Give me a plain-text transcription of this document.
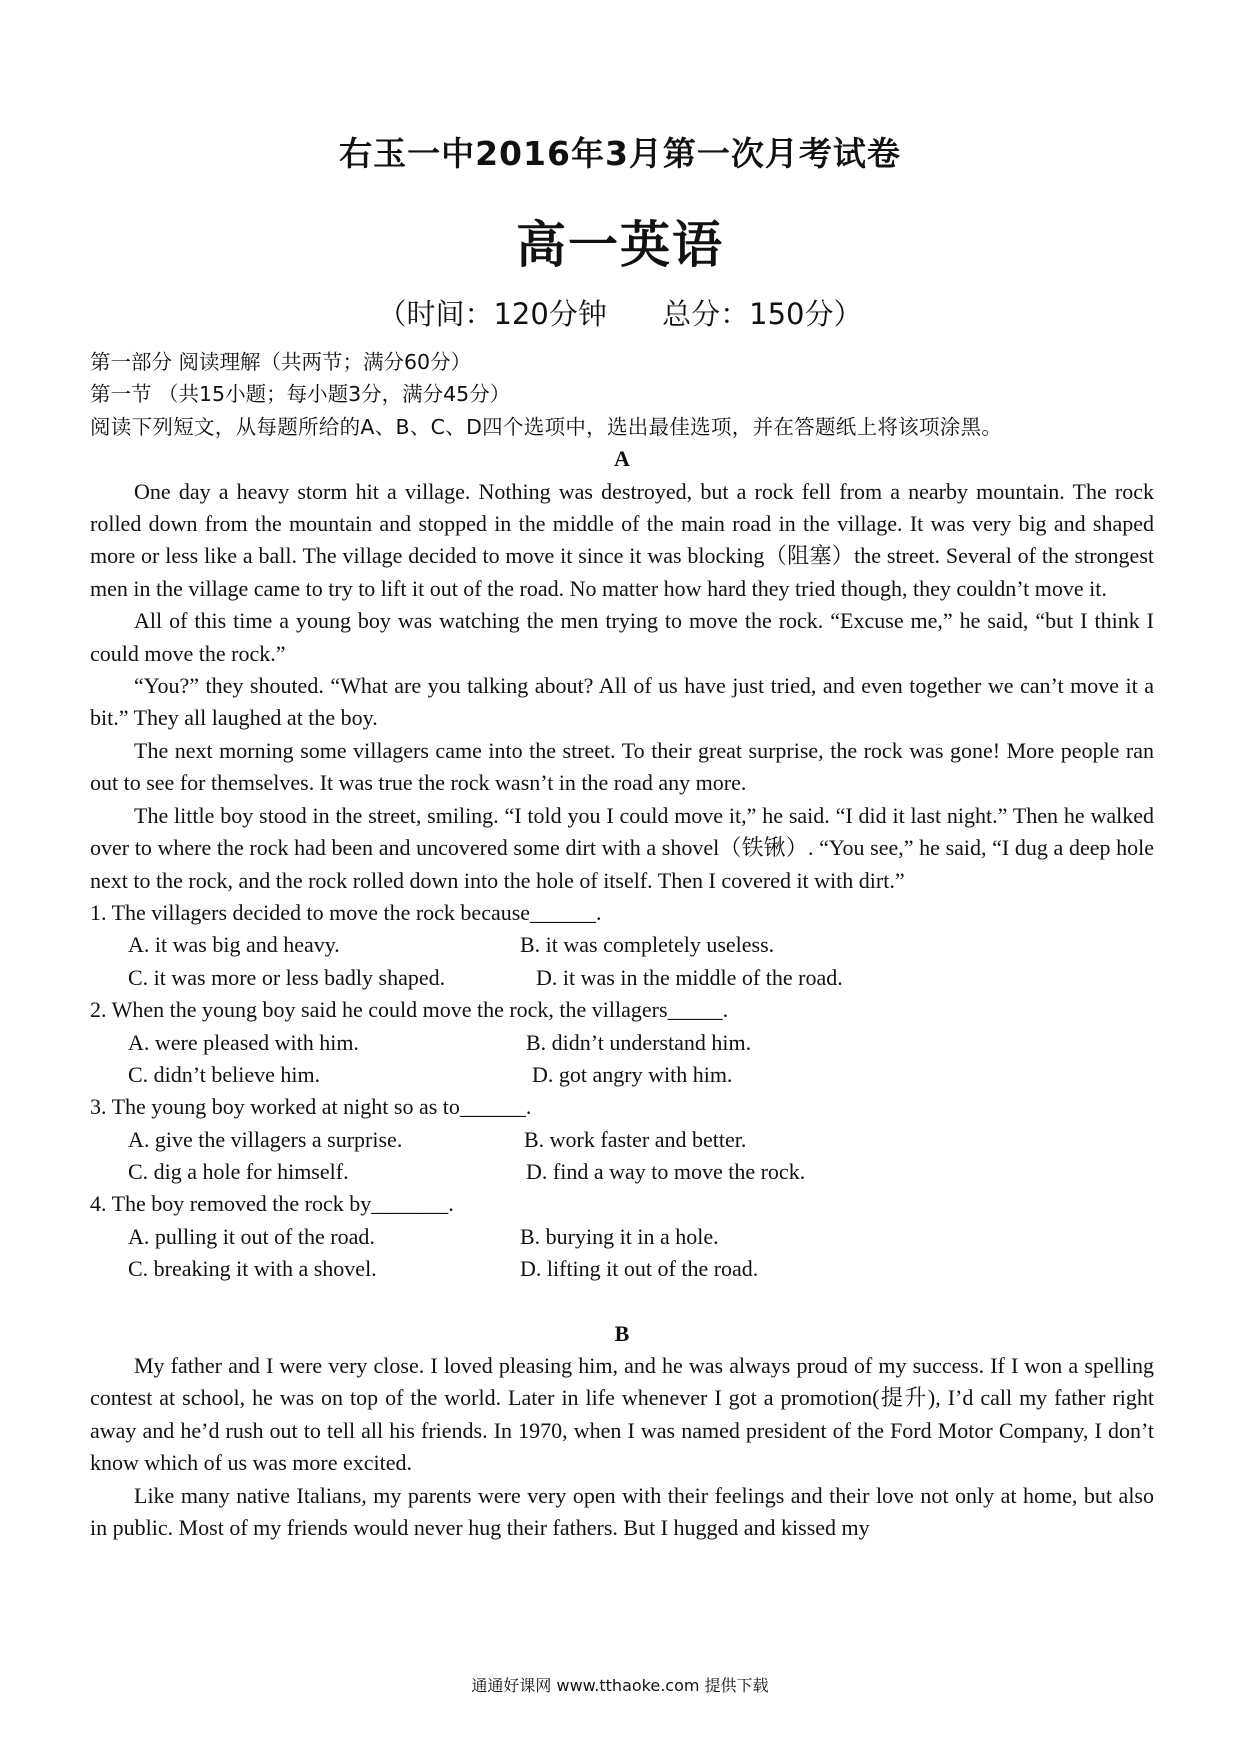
右玉一中2016年3月第一次月考试卷
高一英语
（时间：120分钟      总分：150分）
第一部分 阅读理解（共两节；满分60分）
第一节 （共15小题；每小题3分，满分45分）
阅读下列短文，从每题所给的A、B、C、D四个选项中，选出最佳选项，并在答题纸上将该项涂黑。
A

One day a heavy storm hit a village. Nothing was destroyed, but a rock fell from a nearby mountain. The rock rolled down from the mountain and stopped in the middle of the main road in the village. It was very big and shaped more or less like a ball. The village decided to move it since it was blocking（阻塞）the street. Several of the strongest men in the village came to try to lift it out of the road. No matter how hard they tried though, they couldn’t move it.

All of this time a young boy was watching the men trying to move the rock. “Excuse me,” he said, “but I think I could move the rock.”

“You?” they shouted. “What are you talking about? All of us have just tried, and even together we can’t move it a bit.” They all laughed at the boy.

The next morning some villagers came into the street. To their great surprise, the rock was gone! More people ran out to see for themselves. It was true the rock wasn’t in the road any more.

The little boy stood in the street, smiling. “I told you I could move it,” he said. “I did it last night.” Then he walked over to where the rock had been and uncovered some dirt with a shovel（铁锹）. “You see,” he said, “I dug a deep hole next to the rock, and the rock rolled down into the hole of itself. Then I covered it with dirt.”

1. The villagers decided to move the rock because______.
A. it was big and heavy.	B. it was completely useless.
C. it was more or less badly shaped.	D. it was in the middle of the road.
2. When the young boy said he could move the rock, the villagers_____.
A. were pleased with him.	B. didn’t understand him.
C. didn’t believe him.	D. got angry with him.
3. The young boy worked at night so as to______.
A. give the villagers a surprise.	B. work faster and better.
C. dig a hole for himself.	D. find a way to move the rock.
4. The boy removed the rock by_______.
A. pulling it out of the road.	B. burying it in a hole.
C. breaking it with a shovel.	D. lifting it out of the road.
B

My father and I were very close. I loved pleasing him, and he was always proud of my success. If I won a spelling contest at school, he was on top of the world. Later in life whenever I got a promotion(提升), I’d call my father right away and he’d rush out to tell all his friends. In 1970, when I was named president of the Ford Motor Company, I don’t know which of us was more excited.

Like many native Italians, my parents were very open with their feelings and their love not only at home, but also in public. Most of my friends would never hug their fathers. But I hugged and kissed my

通通好课网 www.tthaoke.com 提供下载
